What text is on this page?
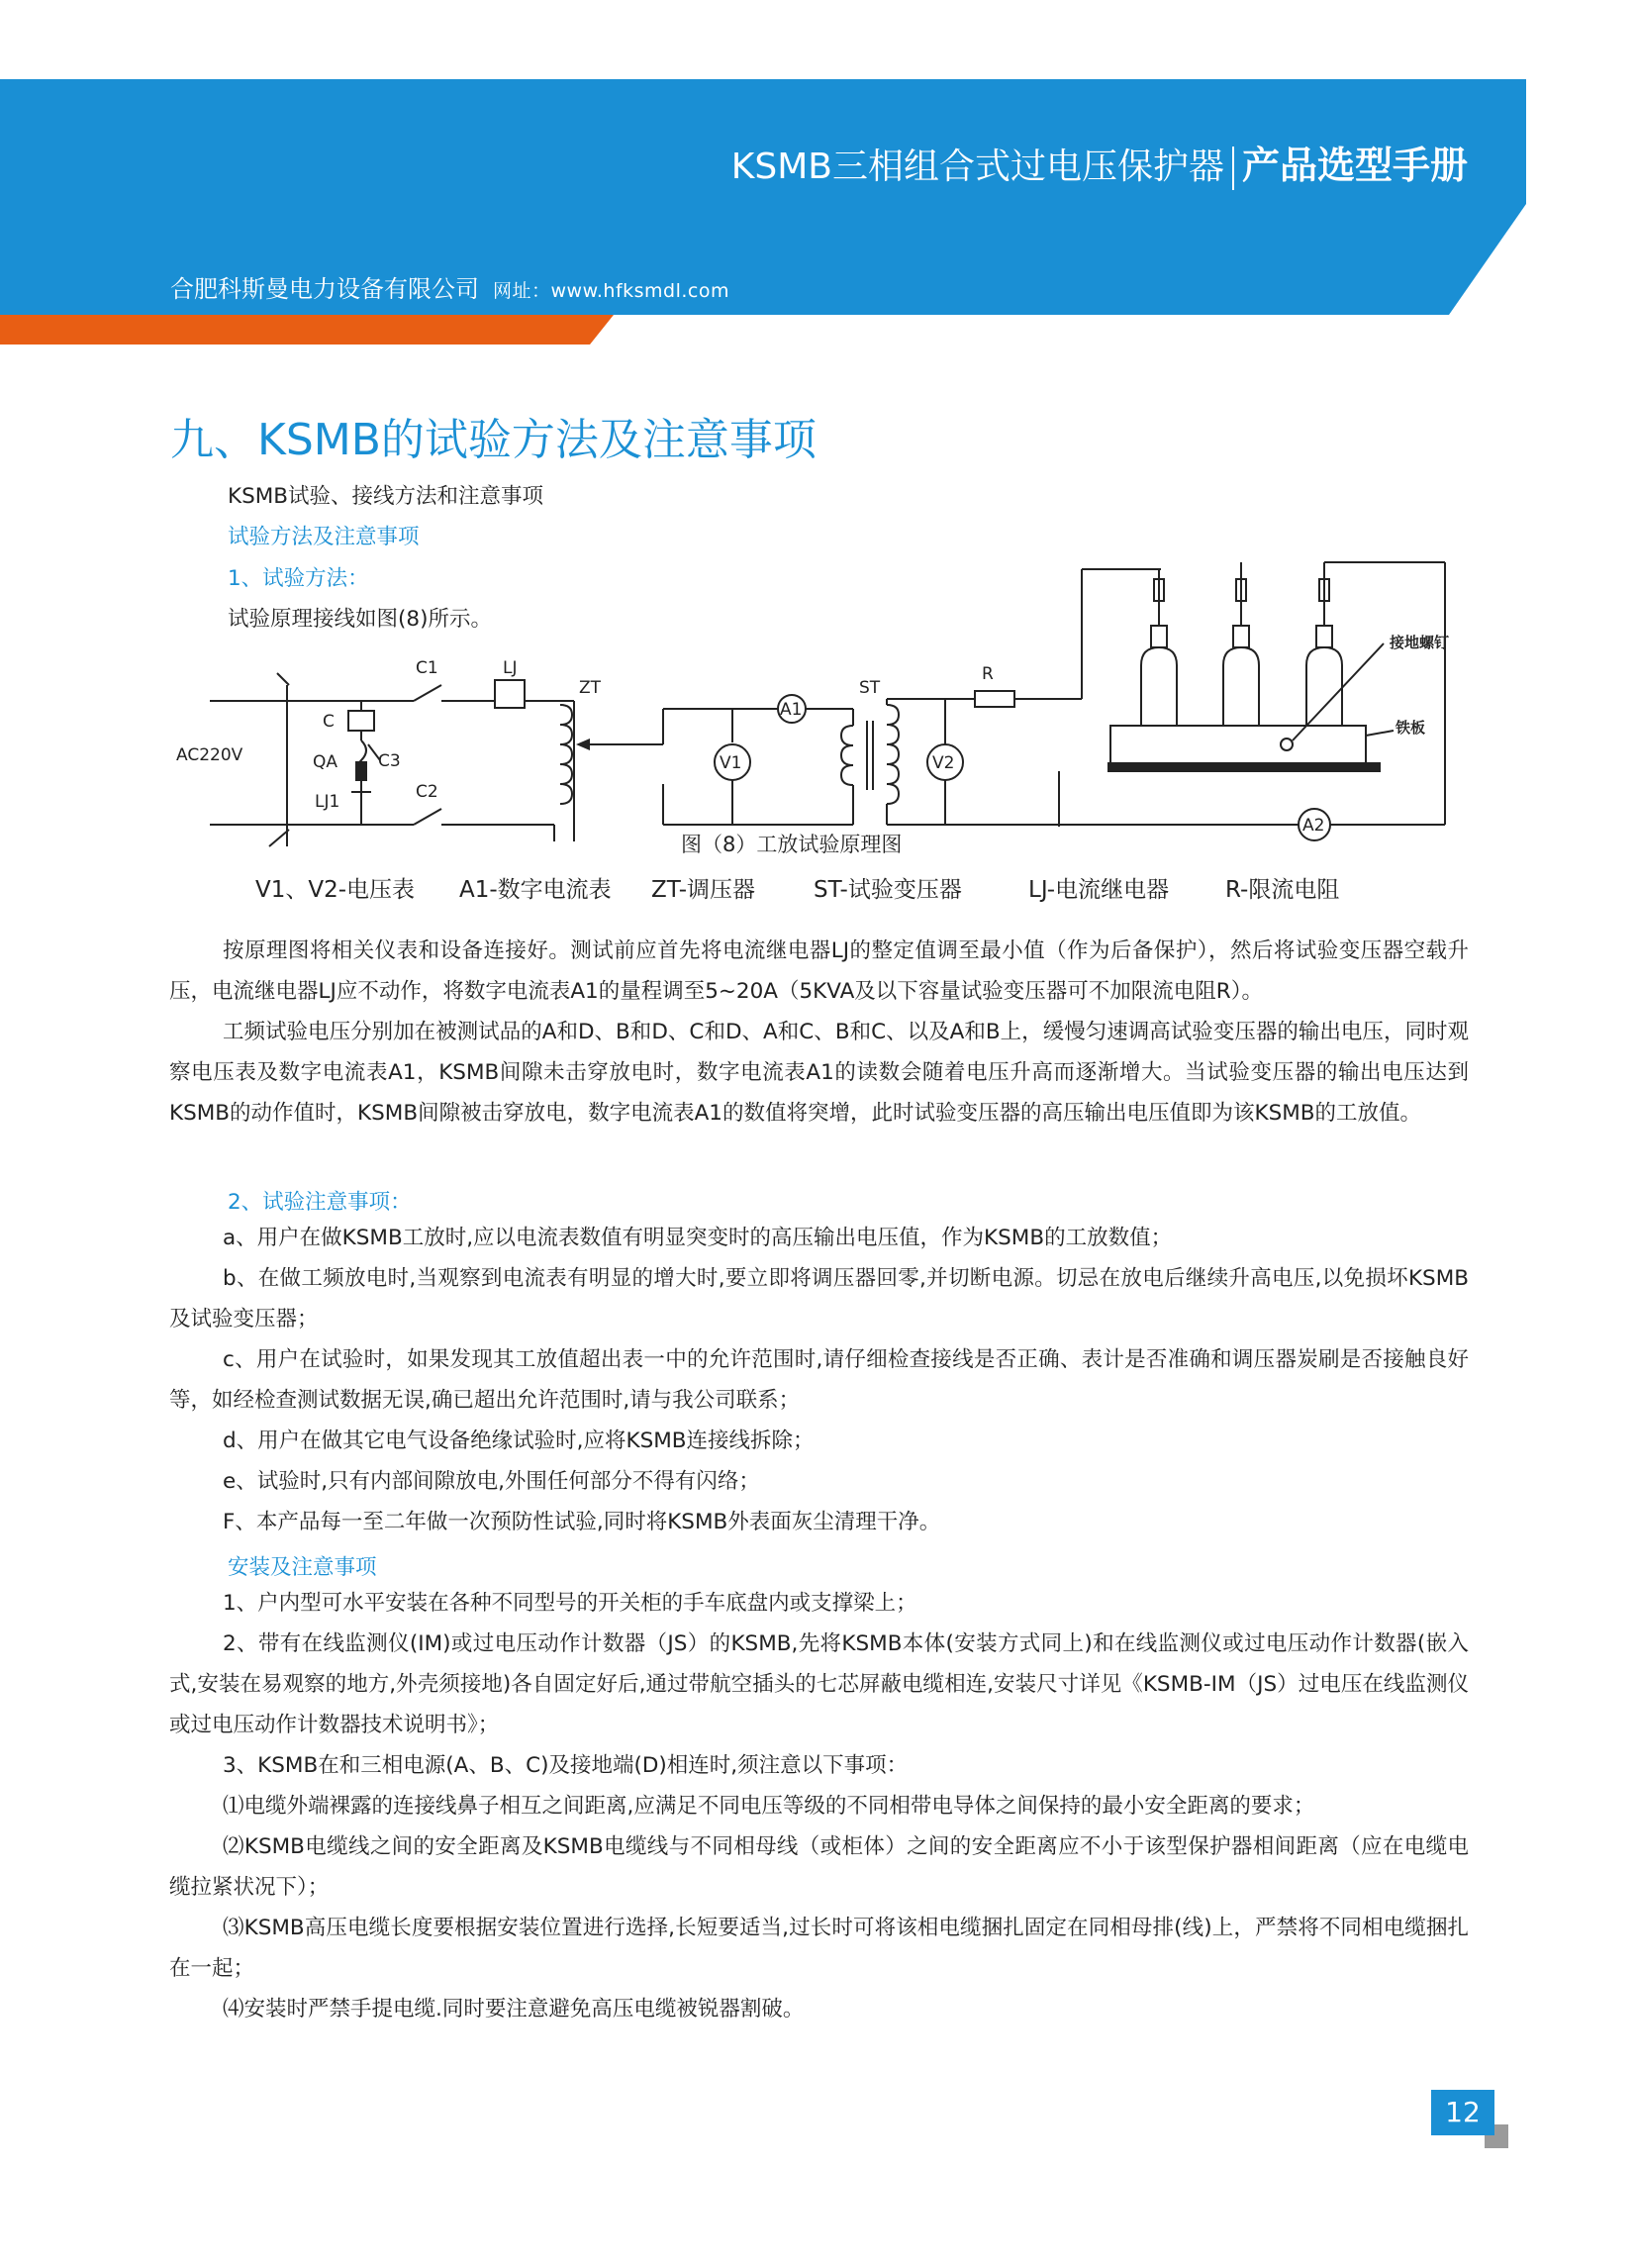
KSMB三相组合式过电压保护器 产品选型手册
合肥科斯曼电力设备有限公司 网址：www.hfksmdl.com
九、KSMB的试验方法及注意事项
KSMB试验、接线方法和注意事项
试验方法及注意事项
1、试验方法：
试验原理接线如图(8)所示。
AC220V
C1	LJ
C2
C
QA C3
LJ1
ZT
A1
V1
ST
V2
R
接地螺钉
铁板
A2
图（8）工放试验原理图
V1、V2-电压表 A1-数字电流表 ZT-调压器	ST-试验变压器	LJ-电流继电器 R-限流电阻

按原理图将相关仪表和设备连接好。测试前应首先将电流继电器LJ的整定值调至最小值（作为后备保护），然后将试验变压器空载升压，电流继电器LJ应不动作，将数字电流表A1的量程调至5~20A（5KVA及以下容量试验变压器可不加限流电阻R）。

工频试验电压分别加在被测试品的A和D、B和D、C和D、A和C、B和C、以及A和B上，缓慢匀速调高试验变压器的输出电压，同时观察电压表及数字电流表A1，KSMB间隙未击穿放电时，数字电流表A1的读数会随着电压升高而逐渐增大。当试验变压器的输出电压达到KSMB的动作值时，KSMB间隙被击穿放电，数字电流表A1的数值将突增，此时试验变压器的高压输出电压值即为该KSMB的工放值。

2、试验注意事项：

a、用户在做KSMB工放时,应以电流表数值有明显突变时的高压输出电压值，作为KSMB的工放数值；

b、在做工频放电时,当观察到电流表有明显的增大时,要立即将调压器回零,并切断电源。切忌在放电后继续升高电压,以免损坏KSMB及试验变压器；

c、用户在试验时，如果发现其工放值超出表一中的允许范围时,请仔细检查接线是否正确、表计是否准确和调压器炭刷是否接触良好等，如经检查测试数据无误,确已超出允许范围时,请与我公司联系；

d、用户在做其它电气设备绝缘试验时,应将KSMB连接线拆除；

e、试验时,只有内部间隙放电,外围任何部分不得有闪络；

F、本产品每一至二年做一次预防性试验,同时将KSMB外表面灰尘清理干净。

安装及注意事项

1、户内型可水平安装在各种不同型号的开关柜的手车底盘内或支撑梁上；

2、带有在线监测仪(IM)或过电压动作计数器（JS）的KSMB,先将KSMB本体(安装方式同上)和在线监测仪或过电压动作计数器(嵌入式,安装在易观察的地方,外壳须接地)各自固定好后,通过带航空插头的七芯屏蔽电缆相连,安装尺寸详见《KSMB-IM（JS）过电压在线监测仪或过电压动作计数器技术说明书》；

3、KSMB在和三相电源(A、B、C)及接地端(D)相连时,须注意以下事项：

⑴电缆外端裸露的连接线鼻子相互之间距离,应满足不同电压等级的不同相带电导体之间保持的最小安全距离的要求；

⑵KSMB电缆线之间的安全距离及KSMB电缆线与不同相母线（或柜体）之间的安全距离应不小于该型保护器相间距离（应在电缆电缆拉紧状况下）；

⑶KSMB高压电缆长度要根据安装位置进行选择,长短要适当,过长时可将该相电缆捆扎固定在同相母排(线)上，严禁将不同相电缆捆扎在一起；

⑷安装时严禁手提电缆.同时要注意避免高压电缆被锐器割破。

12
